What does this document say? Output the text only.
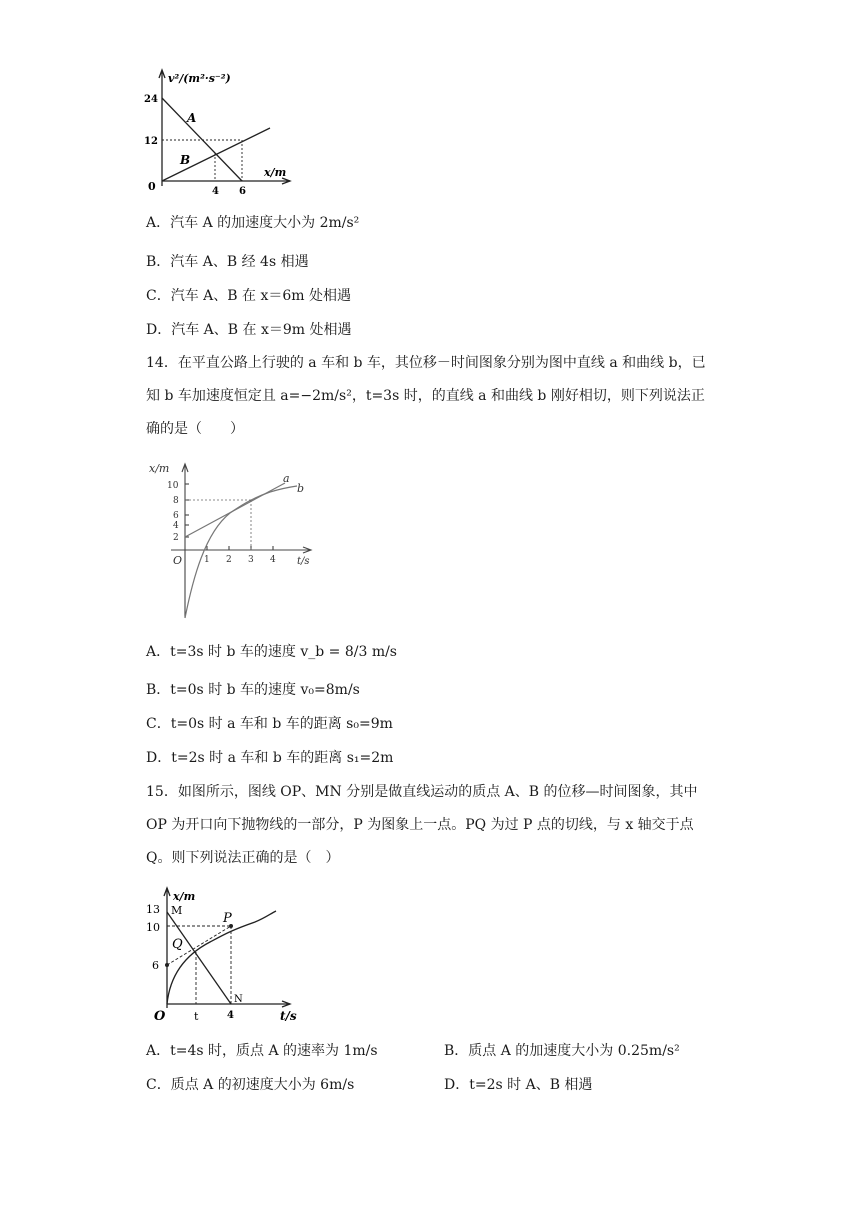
v²/(m²·s⁻²)
x/m
24
12
0	4 6
A
B
A．汽车 A 的加速度大小为 2m/s²
B．汽车 A、B 经 4s 相遇
C．汽车 A、B 在 x＝6m 处相遇
D．汽车 A、B 在 x＝9m 处相遇
14．在平直公路上行驶的 a 车和 b 车，其位移－时间图象分别为图中直线 a 和曲线 b，已知 b 车加速度恒定且 a=−2m/s²，t=3s 时，的直线 a 和曲线 b 刚好相切，则下列说法正确的是（　　）
x/m
t/s
10
8
6
4
2
O 1 2 3 4
a
b
A．t=3s 时 b 车的速度 v_b = 8/3 m/s
B．t=0s 时 b 车的速度 v₀=8m/s
C．t=0s 时 a 车和 b 车的距离 s₀=9m
D．t=2s 时 a 车和 b 车的距离 s₁=2m
15．如图所示，图线 OP、MN 分别是做直线运动的质点 A、B 的位移—时间图象，其中 OP 为开口向下抛物线的一部分，P 为图象上一点。PQ 为过 P 点的切线，与 x 轴交于点 Q。则下列说法正确的是（　）
x/m
t/s
13
10
6
O	t	4
M
P
Q
N
A．t=4s 时，质点 A 的速率为 1m/s	B．质点 A 的加速度大小为 0.25m/s²
C．质点 A 的初速度大小为 6m/s	D．t=2s 时 A、B 相遇
